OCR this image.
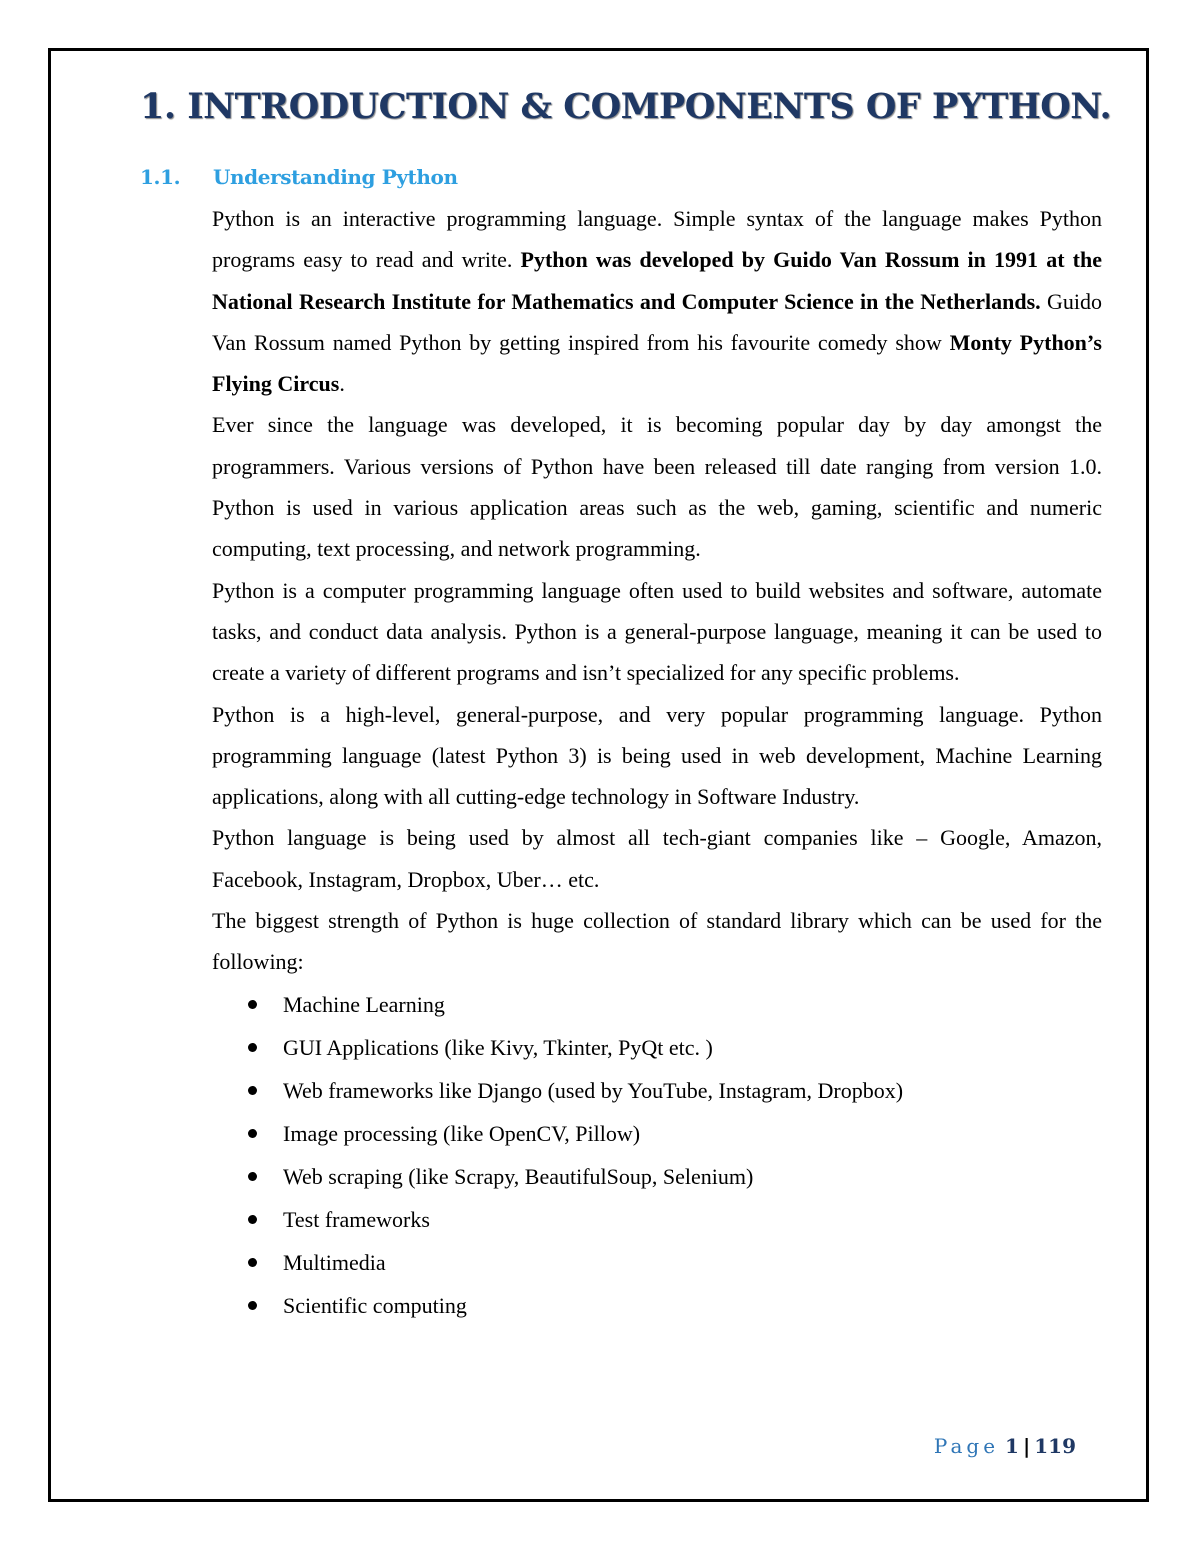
1. INTRODUCTION & COMPONENTS OF PYTHON.
1.1. Understanding Python

Python is an interactive programming language. Simple syntax of the language makes Python programs easy to read and write. Python was developed by Guido Van Rossum in 1991 at the National Research Institute for Mathematics and Computer Science in the Netherlands. Guido Van Rossum named Python by getting inspired from his favourite comedy show Monty Python’s Flying Circus.

Ever since the language was developed, it is becoming popular day by day amongst the programmers. Various versions of Python have been released till date ranging from version 1.0. Python is used in various application areas such as the web, gaming, scientific and numeric computing, text processing, and network programming.

Python is a computer programming language often used to build websites and software, automate tasks, and conduct data analysis. Python is a general-purpose language, meaning it can be used to create a variety of different programs and isn’t specialized for any specific problems.

Python is a high-level, general-purpose, and very popular programming language. Python programming language (latest Python 3) is being used in web development, Machine Learning applications, along with all cutting-edge technology in Software Industry.

Python language is being used by almost all tech-giant companies like – Google, Amazon, Facebook, Instagram, Dropbox, Uber… etc.

The biggest strength of Python is huge collection of standard library which can be used for the following:

Machine Learning
GUI Applications (like Kivy, Tkinter, PyQt etc. )
Web frameworks like Django (used by YouTube, Instagram, Dropbox)
Image processing (like OpenCV, Pillow)
Web scraping (like Scrapy, BeautifulSoup, Selenium)
Test frameworks
Multimedia
Scientific computing
Page 1 | 119
